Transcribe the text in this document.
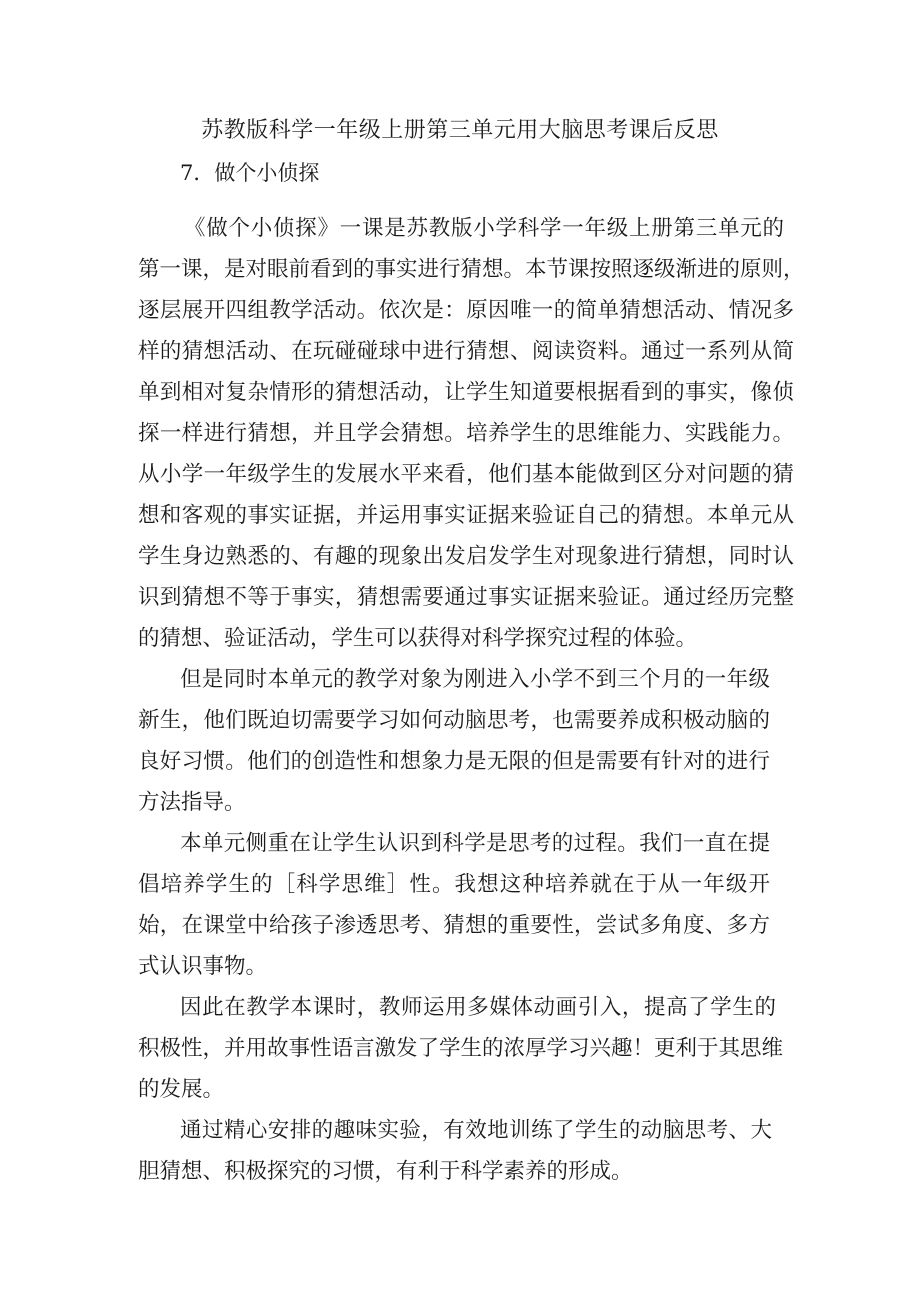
苏教版科学一年级上册第三单元用大脑思考课后反思
7．做个小侦探
《做个小侦探》一课是苏教版小学科学一年级上册第三单元的
第一课，是对眼前看到的事实进行猜想。本节课按照逐级渐进的原则，
逐层展开四组教学活动。依次是：原因唯一的简单猜想活动、情况多
样的猜想活动、在玩碰碰球中进行猜想、阅读资料。通过一系列从简
单到相对复杂情形的猜想活动，让学生知道要根据看到的事实，像侦
探一样进行猜想，并且学会猜想。培养学生的思维能力、实践能力。
从小学一年级学生的发展水平来看，他们基本能做到区分对问题的猜
想和客观的事实证据，并运用事实证据来验证自己的猜想。本单元从
学生身边熟悉的、有趣的现象出发启发学生对现象进行猜想，同时认
识到猜想不等于事实，猜想需要通过事实证据来验证。通过经历完整
的猜想、验证活动，学生可以获得对科学探究过程的体验。
但是同时本单元的教学对象为刚进入小学不到三个月的一年级
新生，他们既迫切需要学习如何动脑思考，也需要养成积极动脑的
良好习惯。他们的创造性和想象力是无限的但是需要有针对的进行
方法指导。
本单元侧重在让学生认识到科学是思考的过程。我们一直在提
倡培养学生的［科学思维］性。我想这种培养就在于从一年级开
始，在课堂中给孩子渗透思考、猜想的重要性，尝试多角度、多方
式认识事物。
因此在教学本课时，教师运用多媒体动画引入，提高了学生的
积极性，并用故事性语言激发了学生的浓厚学习兴趣！更利于其思维
的发展。
通过精心安排的趣味实验，有效地训练了学生的动脑思考、大
胆猜想、积极探究的习惯，有利于科学素养的形成。
